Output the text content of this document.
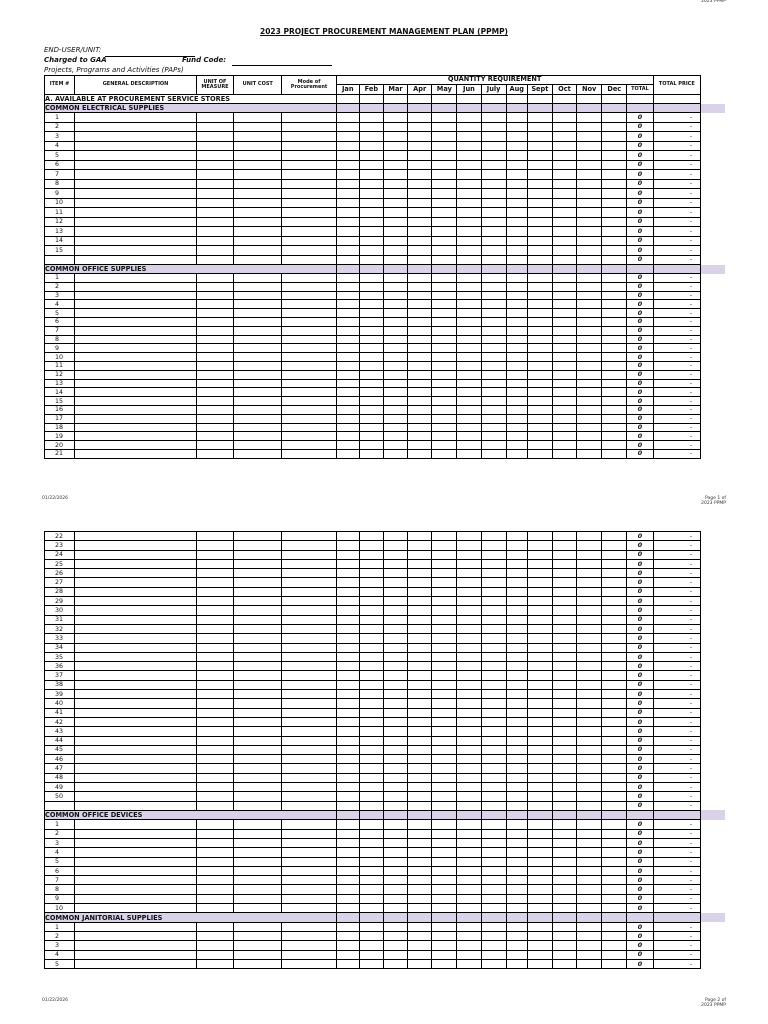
2023 PPMP
2023 PROJECT PROCUREMENT MANAGEMENT PLAN (PPMP)
END-USER/UNIT:
Charged to GAA	Fund Code:
Projects, Programs and Activities (PAPs)
ITEM #	GENERAL DESCRIPTION	UNIT OF MEASURE	UNIT COST	Mode of Procurement	QUANTITY REQUIREMENT													TOTAL PRICE
					Jan	Feb	Mar	Apr	May	Jun	July	Aug	Sept	Oct	Nov	Dec	TOTAL	
A. AVAILABLE AT PROCUREMENT SERVICE STORES																		
COMMON ELECTRICAL SUPPLIES																		
1																	0	-
2																	0	-
3																	0	-
4																	0	-
5																	0	-
6																	0	-
7																	0	-
8																	0	-
9																	0	-
10																	0	-
11																	0	-
12																	0	-
13																	0	-
14																	0	-
15																	0	-
																	0	-
COMMON OFFICE SUPPLIES																		
1																	0	-
2																	0	-
3																	0	-
4																	0	-
5																	0	-
6																	0	-
7																	0	-
8																	0	-
9																	0	-
10																	0	-
11																	0	-
12																	0	-
13																	0	-
14																	0	-
15																	0	-
16																	0	-
17																	0	-
18																	0	-
19																	0	-
20																	0	-
21																	0	-
01/22/2026	Page 1 of
2023 PPMP
22																	0	-
23																	0	-
24																	0	-
25																	0	-
26																	0	-
27																	0	-
28																	0	-
29																	0	-
30																	0	-
31																	0	-
32																	0	-
33																	0	-
34																	0	-
35																	0	-
36																	0	-
37																	0	-
38																	0	-
39																	0	-
40																	0	-
41																	0	-
42																	0	-
43																	0	-
44																	0	-
45																	0	-
46																	0	-
47																	0	-
48																	0	-
49																	0	-
50																	0	-
																	0	-
COMMON OFFICE DEVICES																		
1																	0	-
2																	0	-
3																	0	-
4																	0	-
5																	0	-
6																	0	-
7																	0	-
8																	0	-
9																	0	-
10																	0	-
COMMON JANITORIAL SUPPLIES																		
1																	0	-
2																	0	-
3																	0	-
4																	0	-
5																	0	-
01/22/2026	Page 2 of
2023 PPMP
